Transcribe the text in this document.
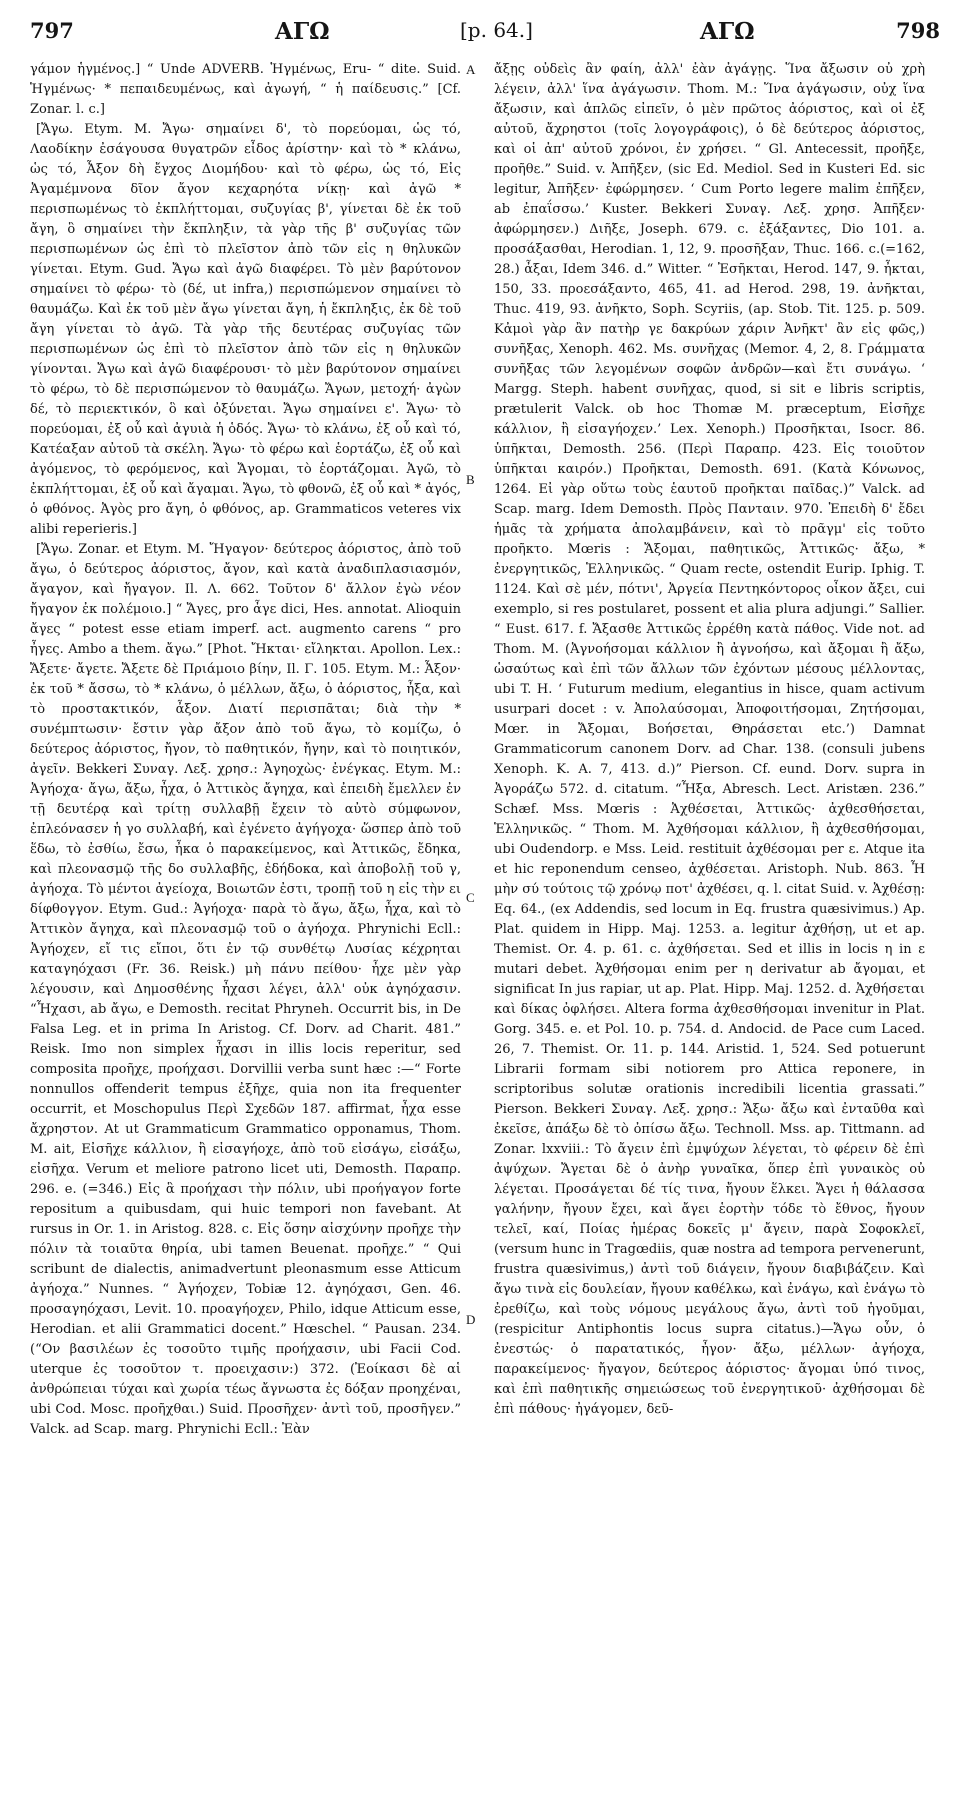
797	ΑΓΩ	[p. 64.]	ΑΓΩ	798

γάμον ἡγμένος.] “ Unde ADVERB. Ἡγμένως, Eru- “ dite. Suid. Ἡγμένως· * πεπαιδευμένως, καὶ ἀγωγή, “ ἡ παίδευσις.” [Cf. Zonar. l. c.]

[Ἄγω. Etym. M. Ἄγω· σημαίνει δ', τὸ πορεύομαι, ὡς τό, Λαοδίκην ἐσάγουσα θυγατρῶν εἶδος ἀρίστην· καὶ τὸ * κλάνω, ὡς τό, Ἆξον δὴ ἔγχος Διομήδου· καὶ τὸ φέρω, ὡς τό, Εἰς Ἀγαμέμνονα δῖον ἄγον κεχαρηότα νίκῃ· καὶ ἀγῶ * περισπωμένως τὸ ἐκπλήττομαι, συζυγίας β', γίνεται δὲ ἐκ τοῦ ἄγη, ὃ σημαίνει τὴν ἔκπληξιν, τὰ γὰρ τῆς β' συζυγίας τῶν περισπωμένων ὡς ἐπὶ τὸ πλεῖστον ἀπὸ τῶν εἰς η θηλυκῶν γίνεται. Etym. Gud. Ἄγω καὶ ἀγῶ διαφέρει. Τὸ μὲν βαρύτονον σημαίνει τὸ φέρω· τὸ (δέ, ut infra,) περισπώμενον σημαίνει τὸ θαυμάζω. Καὶ ἐκ τοῦ μὲν ἄγω γίνεται ἄγη, ἡ ἔκπληξις, ἐκ δὲ τοῦ ἄγη γίνεται τὸ ἀγῶ. Τὰ γὰρ τῆς δευτέρας συζυγίας τῶν περισπωμένων ὡς ἐπὶ τὸ πλεῖστον ἀπὸ τῶν εἰς η θηλυκῶν γίνονται. Ἄγω καὶ ἀγῶ διαφέρουσι· τὸ μὲν βαρύτονον σημαίνει τὸ φέρω, τὸ δὲ περισπώμενον τὸ θαυμάζω. Ἄγων, μετοχή· ἀγὼν δέ, τὸ περιεκτικόν, ὃ καὶ ὀξύνεται. Ἄγω σημαίνει ε'. Ἄγω· τὸ πορεύομαι, ἐξ οὗ καὶ ἀγυιὰ ἡ ὁδός. Ἄγω· τὸ κλάνω, ἐξ οὗ καὶ τό, Κατέαξαν αὐτοῦ τὰ σκέλη. Ἄγω· τὸ φέρω καὶ ἑορτάζω, ἐξ οὗ καὶ ἀγόμενος, τὸ φερόμενος, καὶ Ἄγομαι, τὸ ἑορτάζομαι. Ἀγῶ, τὸ ἐκπλήττομαι, ἐξ οὗ καὶ ἄγαμαι. Ἄγω, τὸ φθονῶ, ἐξ οὗ καὶ * ἀγός, ὁ φθόνος. Ἀγὸς pro ἄγη, ὁ φθόνος, ap. Grammaticos veteres vix alibi reperieris.]

[Ἄγω. Zonar. et Etym. M. Ἤγαγον· δεύτερος ἀόριστος, ἀπὸ τοῦ ἄγω, ὁ δεύτερος ἀόριστος, ἄγον, καὶ κατὰ ἀναδιπλασιασμόν, ἄγαγον, καὶ ἤγαγον. Il. Λ. 662. Τοῦτον δ' ἄλλον ἐγὼ νέον ἤγαγον ἐκ πολέμοιο.] “ Ἄγες, pro ἆγε dici, Hes. annotat. Alioquin ἄγες “ potest esse etiam imperf. act. augmento carens “ pro ἦγες. Ambo a them. ἄγω.” [Phot. Ἤκται· εἴληκται. Apollon. Lex.: Ἄξετε· ἄγετε. Ἄξετε δὲ Πριάμοιο βίην, Il. Γ. 105. Etym. M.: Ἆξον· ἐκ τοῦ * ἄσσω, τὸ * κλάνω, ὁ μέλλων, ἄξω, ὁ ἀόριστος, ἦξα, καὶ τὸ προστακτικόν, ἆξον. Διατί περισπᾶται; διὰ τὴν * συνέμπτωσιν· ἔστιν γὰρ ἄξον ἀπὸ τοῦ ἄγω, τὸ κομίζω, ὁ δεύτερος ἀόριστος, ἤγον, τὸ παθητικόν, ἤγην, καὶ τὸ ποιητικόν, ἀγεῖν. Bekkeri Συναγ. Λεξ. χρησ.: Ἀγηοχὼς· ἐνέγκας. Etym. M.: Ἀγήοχα· ἄγω, ἄξω, ἦχα, ὁ Ἀττικὸς ἄγηχα, καὶ ἐπειδὴ ἔμελλεν ἐν τῇ δευτέρᾳ καὶ τρίτῃ συλλαβῇ ἔχειν τὸ αὐτὸ σύμφωνον, ἐπλεόνασεν ἡ γο συλλαβή, καὶ ἐγένετο ἀγήγοχα· ὥσπερ ἀπὸ τοῦ ἕδω, τὸ ἐσθίω, ἔσω, ἦκα ὁ παρακείμενος, καὶ Ἀττικῶς, ἔδηκα, καὶ πλεονασμῷ τῆς δο συλλαβῆς, ἐδήδοκα, καὶ ἀποβολῇ τοῦ γ, ἀγήοχα. Τὸ μέντοι ἀγείοχα, Βοιωτῶν ἐστι, τροπῇ τοῦ η εἰς τὴν ει δίφθογγον. Etym. Gud.: Ἀγήοχα· παρὰ τὸ ἄγω, ἄξω, ἦχα, καὶ τὸ Ἀττικὸν ἄγηχα, καὶ πλεονασμῷ τοῦ ο ἀγήοχα. Phrynichi Ecll.: Ἀγήοχεν, εἴ τις εἴποι, ὅτι ἐν τῷ συνθέτῳ Λυσίας κέχρηται καταγηόχασι (Fr. 36. Reisk.) μὴ πάνυ πείθου· ἦχε μὲν γὰρ λέγουσιν, καὶ Δημοσθένης ἦχασι λέγει, ἀλλ' οὐκ ἀγηόχασιν. “Ἦχασι, ab ἄγω, e Demosth. recitat Phryneh. Occurrit bis, in De Falsa Leg. et in prima In Aristog. Cf. Dorv. ad Charit. 481.” Reisk. Imo non simplex ἦχασι in illis locis reperitur, sed composita προῆχε, προήχασι. Dorvillii verba sunt hæc :—“ Forte nonnullos offenderit tempus ἐξῆχε, quia non ita frequenter occurrit, et Moschopulus Περὶ Σχεδῶν 187. affirmat, ἦχα esse ἄχρηστον. At ut Grammaticum Grammatico opponamus, Thom. M. ait, Εἰσῆχε κάλλιον, ἢ εἰσαγήοχε, ἀπὸ τοῦ εἰσάγω, εἰσάξω, εἰσῆχα. Verum et meliore patrono licet uti, Demosth. Παραπρ. 296. e. (=346.) Εἰς ἃ προήχασι τὴν πόλιν, ubi προήγαγον forte repositum a quibusdam, qui huic tempori non favebant. At rursus in Or. 1. in Aristog. 828. c. Εἰς ὅσην αἰσχύνην προῆχε τὴν πόλιν τὰ τοιαῦτα θηρία, ubi tamen Beuenat. προῆχε.” “ Qui scribunt de dialectis, animadvertunt pleonasmum esse Atticum ἀγήοχα.” Nunnes. “ Ἀγήοχεν, Tobiæ 12. ἀγηόχασι, Gen. 46. προσαγηόχασι, Levit. 10. προαγήοχεν, Philo, idque Atticum esse, Herodian. et alii Grammatici docent.” Hœschel. “ Pausan. 234. (“Ον βασιλέων ἐς τοσοῦτο τιμῆς προήχασιν, ubi Facii Cod. uterque ἐς τοσοῦτον τ. προειχασιν:) 372. (Ἐοίκασι δὲ αἱ ἀνθρώπειαι τύχαι καὶ χωρία τέως ἄγνωστα ἐς δόξαν προηχέναι, ubi Cod. Mosc. προῆχθαι.) Suid. Προσῆχεν· ἀντὶ τοῦ, προσῆγεν.” Valck. ad Scap. marg. Phrynichi Ecll.: Ἐὰν

A
B
C
D

ἄξῃς οὐδεὶς ἂν φαίη, ἀλλ' ἐὰν ἀγάγῃς. Ἵνα ἄξωσιν οὐ χρὴ λέγειν, ἀλλ' ἵνα ἀγάγωσιν. Thom. M.: Ἵνα ἀγάγωσιν, οὐχ ἵνα ἄξωσιν, καὶ ἁπλῶς εἰπεῖν, ὁ μὲν πρῶτος ἀόριστος, καὶ οἱ ἐξ αὐτοῦ, ἄχρηστοι (τοῖς λογογράφοις), ὁ δὲ δεύτερος ἀόριστος, καὶ οἱ ἀπ' αὐτοῦ χρόνοι, ἐν χρήσει. “ Gl. Antecessit, προῆξε, προῆθε.” Suid. v. Ἀπῆξεν, (sic Ed. Mediol. Sed in Kusteri Ed. sic legitur, Ἀπῆξεν· ἐφώρμησεν. ‘ Cum Porto legere malim ἐπῆξεν, ab ἐπαΐσσω.’ Kuster. Bekkeri Συναγ. Λεξ. χρησ. Ἀπῆξεν· ἀφώρμησεν.) Διῆξε, Joseph. 679. c. ἐξάξαντες, Dio 101. a. προσάξασθαι, Herodian. 1, 12, 9. προσῆξαν, Thuc. 166. c.(=162, 28.) ἆξαι, Idem 346. d.” Witter. “ Ἐσῆκται, Herod. 147, 9. ἦκται, 150, 33. προεσάξαντο, 465, 41. ad Herod. 298, 19. ἀνῆκται, Thuc. 419, 93. ἀνῆκτο, Soph. Scyriis, (ap. Stob. Tit. 125. p. 509. Κἀμοὶ γὰρ ἂν πατὴρ γε δακρύων χάριν Ἀνῆκτ' ἂν εἰς φῶς,) συνῆξας, Xenoph. 462. Ms. συνῆχας (Memor. 4, 2, 8. Γράμματα συνῆξας τῶν λεγομένων σοφῶν ἀνδρῶν—καὶ ἔτι συνάγω. ‘ Margg. Steph. habent συνῆχας, quod, si sit e libris scriptis, prætulerit Valck. ob hoc Thomæ M. præceptum, Εἰσῆχε κάλλιον, ἢ εἰσαγήοχεν.’ Lex. Xenoph.) Προσῆκται, Isocr. 86. ὑπῆκται, Demosth. 256. (Περὶ Παραπρ. 423. Εἰς τοιοῦτον ὑπῆκται καιρόν.) Προῆκται, Demosth. 691. (Κατὰ Κόνωνος, 1264. Εἰ γὰρ οὕτω τοὺς ἑαυτοῦ προῆκται παῖδας.)” Valck. ad Scap. marg. Idem Demosth. Πρὸς Πανταιν. 970. Ἐπειδὴ δ' ἔδει ἡμᾶς τὰ χρήματα ἀπολαμβάνειν, καὶ τὸ πρᾶγμ' εἰς τοῦτο προῆκτο. Mœris : Ἄξομαι, παθητικῶς, Ἀττικῶς· ἄξω, * ἐνεργητικῶς, Ἑλληνικῶς. “ Quam recte, ostendit Eurip. Iphig. T. 1124. Καὶ σὲ μέν, πότνι', Ἀργεία Πεντηκόντορος οἶκον ἄξει, cui exemplo, si res postularet, possent et alia plura adjungi.” Sallier. “ Eust. 617. f. Ἄξασθε Ἀττικῶς ἐρρέθη κατὰ πάθος. Vide not. ad Thom. M. (Ἀγνοήσομαι κάλλιον ἢ ἀγνοήσω, καὶ ἄξομαι ἢ ἄξω, ὡσαύτως καὶ ἐπὶ τῶν ἄλλων τῶν ἐχόντων μέσους μέλλοντας, ubi T. H. ‘ Futurum medium, elegantius in hisce, quam activum usurpari docet : v. Ἀπολαύσομαι, Ἀποφοιτήσομαι, Ζητήσομαι, Mœr. in Ἄξομαι, Βοήσεται, Θηράσεται etc.’) Damnat Grammaticorum canonem Dorv. ad Char. 138. (consuli jubens Xenoph. K. A. 7, 413. d.)” Pierson. Cf. eund. Dorv. supra in Ἀγοράζω 572. d. citatum. “Ἦξα, Abresch. Lect. Aristæn. 236.” Schæf. Mss. Mœris : Ἀχθέσεται, Ἀττικῶς· ἀχθεσθήσεται, Ἑλληνικῶς. “ Thom. M. Ἀχθήσομαι κάλλιον, ἢ ἀχθεσθήσομαι, ubi Oudendorp. e Mss. Leid. restituit ἀχθέσομαι per ε. Atque ita et hic reponendum censeo, ἀχθέσεται. Aristoph. Nub. 863. Ἦ μὴν σύ τούτοις τῷ χρόνῳ ποτ' ἀχθέσει, q. l. citat Suid. v. Ἀχθέσῃ: Eq. 64., (ex Addendis, sed locum in Eq. frustra quæsivimus.) Ap. Plat. quidem in Hipp. Maj. 1253. a. legitur ἀχθήσῃ, ut et ap. Themist. Or. 4. p. 61. c. ἀχθήσεται. Sed et illis in locis η in ε mutari debet. Ἀχθήσομαι enim per η derivatur ab ἄγομαι, et significat In jus rapiar, ut ap. Plat. Hipp. Maj. 1252. d. Ἀχθήσεται καὶ δίκας ὀφλήσει. Altera forma ἀχθεσθήσομαι invenitur in Plat. Gorg. 345. e. et Pol. 10. p. 754. d. Andocid. de Pace cum Laced. 26, 7. Themist. Or. 11. p. 144. Aristid. 1, 524. Sed potuerunt Librarii formam sibi notiorem pro Attica reponere, in scriptoribus solutæ orationis incredibili licentia grassati.” Pierson. Bekkeri Συναγ. Λεξ. χρησ.: Ἄξω· ἄξω καὶ ἐνταῦθα καὶ ἐκεῖσε, ἀπάξω δὲ τὸ ὀπίσω ἄξω. Technoll. Mss. ap. Tittmann. ad Zonar. lxxviii.: Τὸ ἄγειν ἐπὶ ἐμψύχων λέγεται, τὸ φέρειν δὲ ἐπὶ ἀψύχων. Ἄγεται δὲ ὁ ἀνὴρ γυναῖκα, ὅπερ ἐπὶ γυναικὸς οὐ λέγεται. Προσάγεται δέ τίς τινα, ἤγουν ἕλκει. Ἄγει ἡ θάλασσα γαλήνην, ἤγουν ἔχει, καὶ ἄγει ἑορτὴν τόδε τὸ ἔθνος, ἤγουν τελεῖ, καί, Ποίας ἡμέρας δοκεῖς μ' ἄγειν, παρὰ Σοφοκλεῖ, (versum hunc in Tragœdiis, quæ nostra ad tempora pervenerunt, frustra quæsivimus,) ἀντὶ τοῦ διάγειν, ἤγουν διαβιβάζειν. Καὶ ἄγω τινὰ εἰς δουλείαν, ἤγουν καθέλκω, καὶ ἐνάγω, καὶ ἐνάγω τὸ ἐρεθίζω, καὶ τοὺς νόμους μεγάλους ἄγω, ἀντὶ τοῦ ἡγοῦμαι, (respicitur Antiphontis locus supra citatus.)—Ἄγω οὖν, ὁ ἐνεστώς· ὁ παρατατικός, ἦγον· ἄξω, μέλλων· ἀγήοχα, παρακείμενος· ἤγαγον, δεύτερος ἀόριστος· ἄγομαι ὑπό τινος, καὶ ἐπὶ παθητικῆς σημειώσεως τοῦ ἐνεργητικοῦ· ἀχθήσομαι δὲ ἐπὶ πάθους· ἠγάγομεν, δεῦ-
